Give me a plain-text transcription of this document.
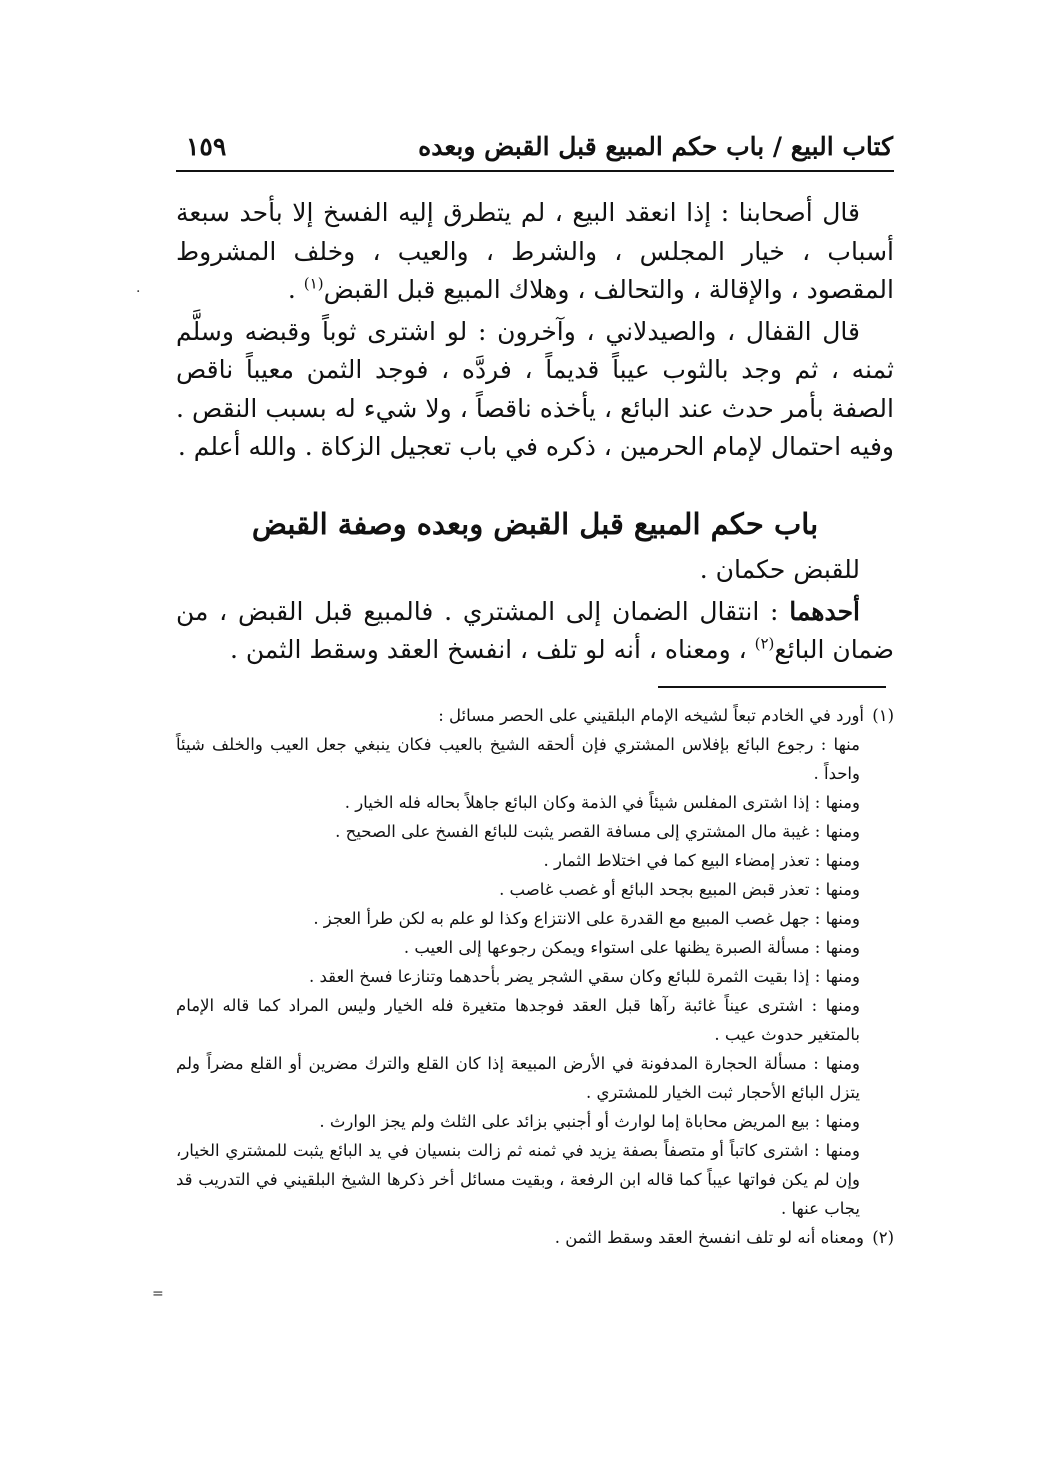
كتاب البيع / باب حكم المبيع قبل القبض وبعده
١٥٩

قال أصحابنا : إذا انعقد البيع ، لم يتطرق إليه الفسخ إلا بأحد سبعة أسباب ، خيار المجلس ، والشرط ، والعيب ، وخلف المشروط المقصود ، والإقالة ، والتحالف ، وهلاك المبيع قبل القبض$^{(١)}$ .

قال القفال ، والصيدلاني ، وآخرون : لو اشترى ثوباً وقبضه وسلَّم ثمنه ، ثم وجد بالثوب عيباً قديماً ، فردَّه ، فوجد الثمن معيباً ناقص الصفة بأمر حدث عند البائع ، يأخذه ناقصاً ، ولا شيء له بسبب النقص . وفيه احتمال لإمام الحرمين ، ذكره في باب تعجيل الزكاة . والله أعلم .

باب حكم المبيع قبل القبض وبعده وصفة القبض

للقبض حكمان .

أحدهما : انتقال الضمان إلى المشتري . فالمبيع قبل القبض ، من ضمان البائع$^{(٢)}$ ، ومعناه ، أنه لو تلف ، انفسخ العقد وسقط الثمن .

(١)أورد في الخادم تبعاً لشيخه الإمام البلقيني على الحصر مسائل :

منها : رجوع البائع بإفلاس المشتري فإن ألحقه الشيخ بالعيب فكان ينبغي جعل العيب والخلف شيئاً واحداً .

ومنها : إذا اشترى المفلس شيئاً في الذمة وكان البائع جاهلاً بحاله فله الخيار .

ومنها : غيبة مال المشتري إلى مسافة القصر يثبت للبائع الفسخ على الصحيح .

ومنها : تعذر إمضاء البيع كما في اختلاط الثمار .

ومنها : تعذر قبض المبيع بجحد البائع أو غصب غاصب .

ومنها : جهل غصب المبيع مع القدرة على الانتزاع وكذا لو علم به لكن طرأ العجز .

ومنها : مسألة الصبرة يظنها على استواء ويمكن رجوعها إلى العيب .

ومنها : إذا بقيت الثمرة للبائع وكان سقي الشجر يضر بأحدهما وتنازعا فسخ العقد .

ومنها : اشترى عيناً غائبة رآها قبل العقد فوجدها متغيرة فله الخيار وليس المراد كما قاله الإمام بالمتغير حدوث عيب .

ومنها : مسألة الحجارة المدفونة في الأرض المبيعة إذا كان القلع والترك مضرين أو القلع مضراً ولم يتزل البائع الأحجار ثبت الخيار للمشتري .

ومنها : بيع المريض محاباة إما لوارث أو أجنبي بزائد على الثلث ولم يجز الوارث .

ومنها : اشترى كاتباً أو متصفاً بصفة يزيد في ثمنه ثم زالت بنسيان في يد البائع يثبت للمشتري الخيار، وإن لم يكن فواتها عيباً كما قاله ابن الرفعة ، وبقيت مسائل أخر ذكرها الشيخ البلقيني في التدريب قد يجاب عنها .

(٢)ومعناه أنه لو تلف انفسخ العقد وسقط الثمن .

·
=
